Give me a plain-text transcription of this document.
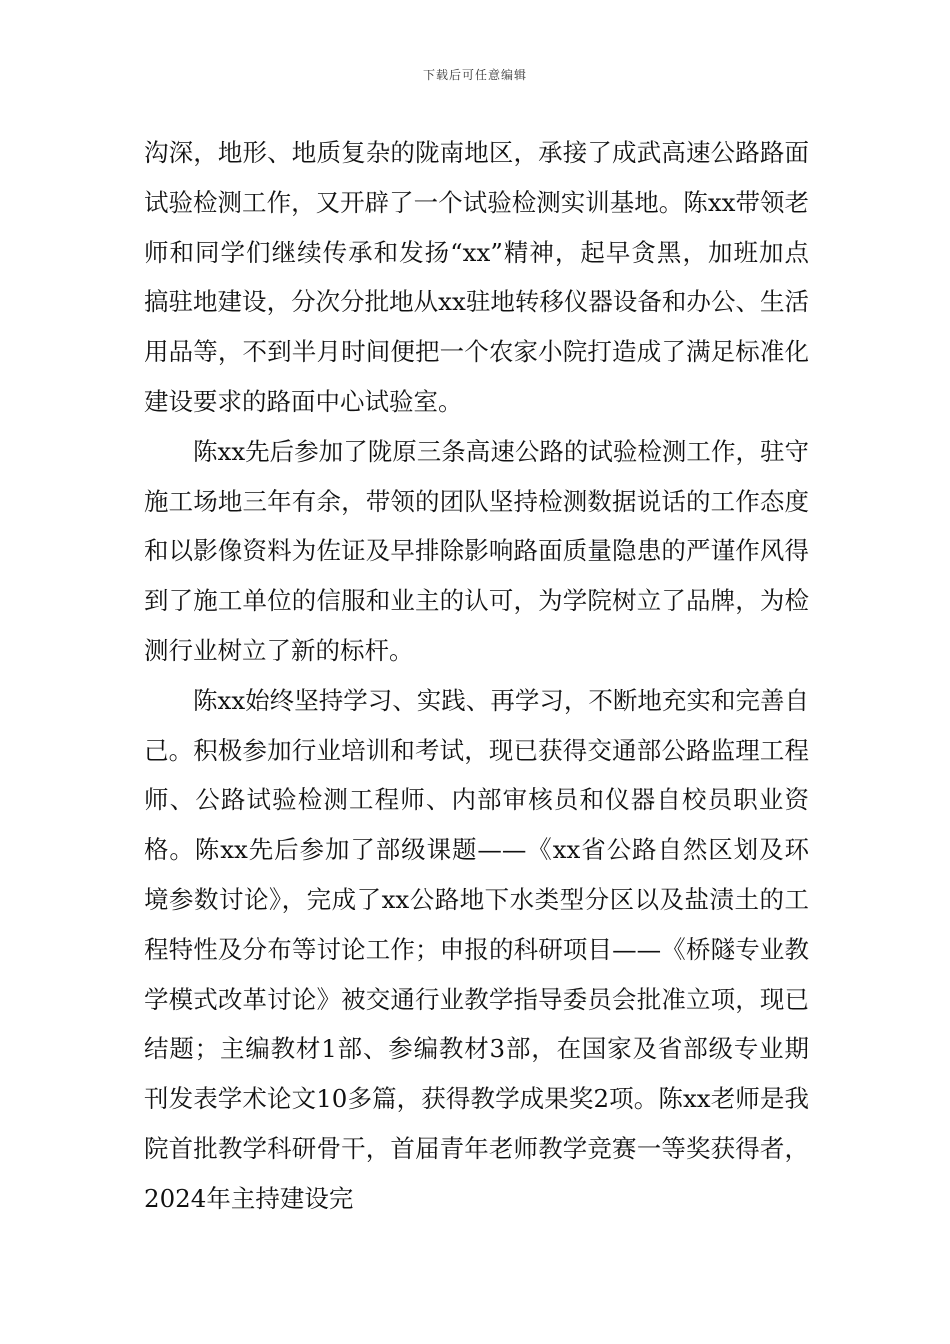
下载后可任意编辑

沟深，地形、地质复杂的陇南地区，承接了成武高速公路路面试验检测工作，又开辟了一个试验检测实训基地。陈xx带领老师和同学们继续传承和发扬“xx”精神，起早贪黑，加班加点搞驻地建设，分次分批地从xx驻地转移仪器设备和办公、生活用品等，不到半月时间便把一个农家小院打造成了满足标准化建设要求的路面中心试验室。

陈xx先后参加了陇原三条高速公路的试验检测工作，驻守施工场地三年有余，带领的团队坚持检测数据说话的工作态度和以影像资料为佐证及早排除影响路面质量隐患的严谨作风得到了施工单位的信服和业主的认可，为学院树立了品牌，为检测行业树立了新的标杆。

陈xx始终坚持学习、实践、再学习，不断地充实和完善自己。积极参加行业培训和考试，现已获得交通部公路监理工程师、公路试验检测工程师、内部审核员和仪器自校员职业资格。陈xx先后参加了部级课题——《xx省公路自然区划及环境参数讨论》，完成了xx公路地下水类型分区以及盐渍土的工程特性及分布等讨论工作；申报的科研项目——《桥隧专业教学模式改革讨论》被交通行业教学指导委员会批准立项，现已结题；主编教材1部、参编教材3部，在国家及省部级专业期刊发表学术论文10多篇，获得教学成果奖2项。陈xx老师是我院首批教学科研骨干，首届青年老师教学竞赛一等奖获得者，2024年主持建设完
